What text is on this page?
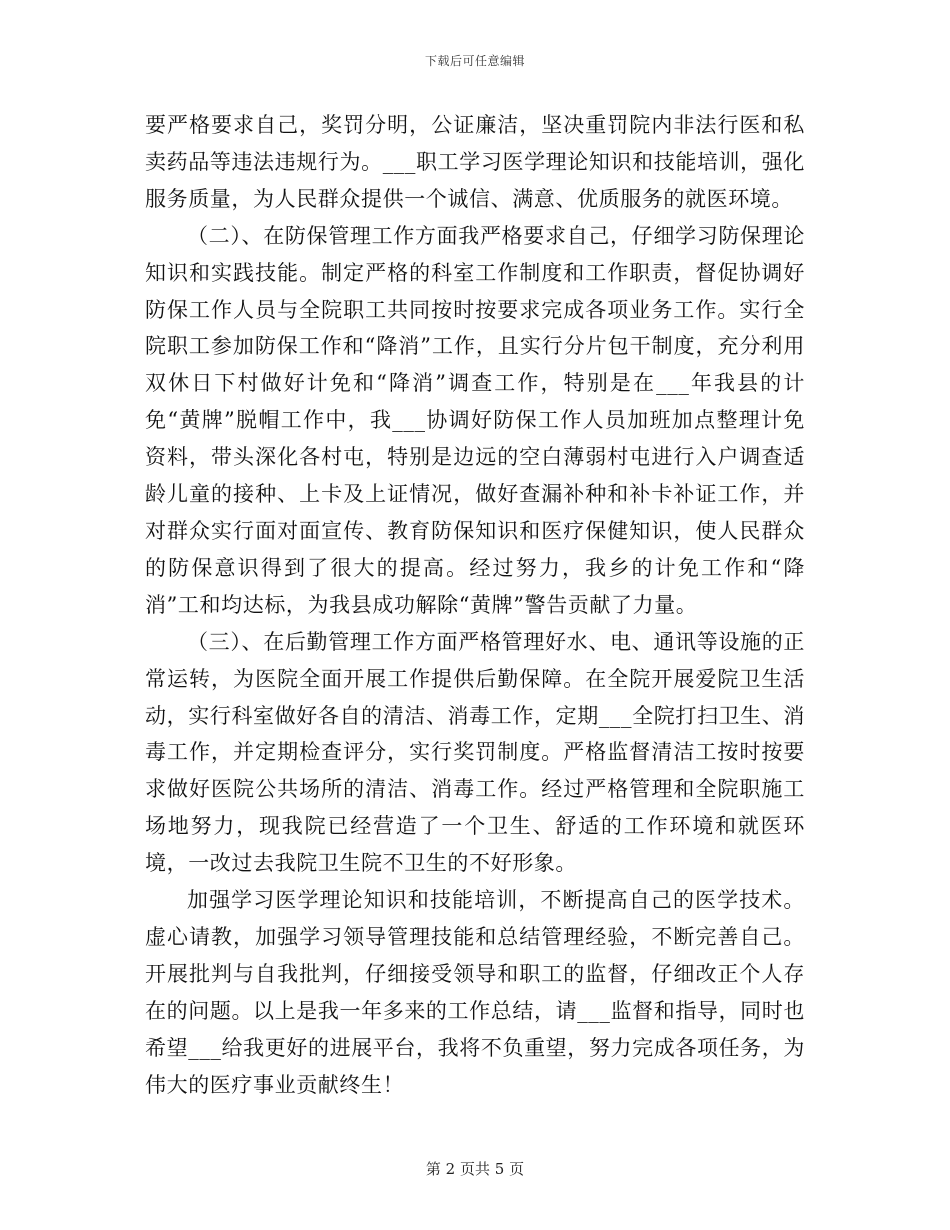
下载后可任意编辑

要严格要求自己，奖罚分明，公证廉洁，坚决重罚院内非法行医和私卖药品等违法违规行为。___职工学习医学理论知识和技能培训，强化服务质量，为人民群众提供一个诚信、满意、优质服务的就医环境。

（二）、在防保管理工作方面我严格要求自己，仔细学习防保理论知识和实践技能。制定严格的科室工作制度和工作职责，督促协调好防保工作人员与全院职工共同按时按要求完成各项业务工作。实行全院职工参加防保工作和“降消”工作，且实行分片包干制度，充分利用双休日下村做好计免和“降消”调查工作，特别是在___年我县的计免“黄牌”脱帽工作中，我___协调好防保工作人员加班加点整理计免资料，带头深化各村屯，特别是边远的空白薄弱村屯进行入户调查适龄儿童的接种、上卡及上证情况，做好查漏补种和补卡补证工作，并对群众实行面对面宣传、教育防保知识和医疗保健知识，使人民群众的防保意识得到了很大的提高。经过努力，我乡的计免工作和“降消”工和均达标，为我县成功解除“黄牌”警告贡献了力量。

（三）、在后勤管理工作方面严格管理好水、电、通讯等设施的正常运转，为医院全面开展工作提供后勤保障。在全院开展爱院卫生活动，实行科室做好各自的清洁、消毒工作，定期___全院打扫卫生、消毒工作，并定期检查评分，实行奖罚制度。严格监督清洁工按时按要求做好医院公共场所的清洁、消毒工作。经过严格管理和全院职施工场地努力，现我院已经营造了一个卫生、舒适的工作环境和就医环境，一改过去我院卫生院不卫生的不好形象。

加强学习医学理论知识和技能培训，不断提高自己的医学技术。虚心请教，加强学习领导管理技能和总结管理经验，不断完善自己。开展批判与自我批判，仔细接受领导和职工的监督，仔细改正个人存在的问题。以上是我一年多来的工作总结，请___监督和指导，同时也希望___给我更好的进展平台，我将不负重望，努力完成各项任务，为伟大的医疗事业贡献终生！

第 2 页共 5 页
